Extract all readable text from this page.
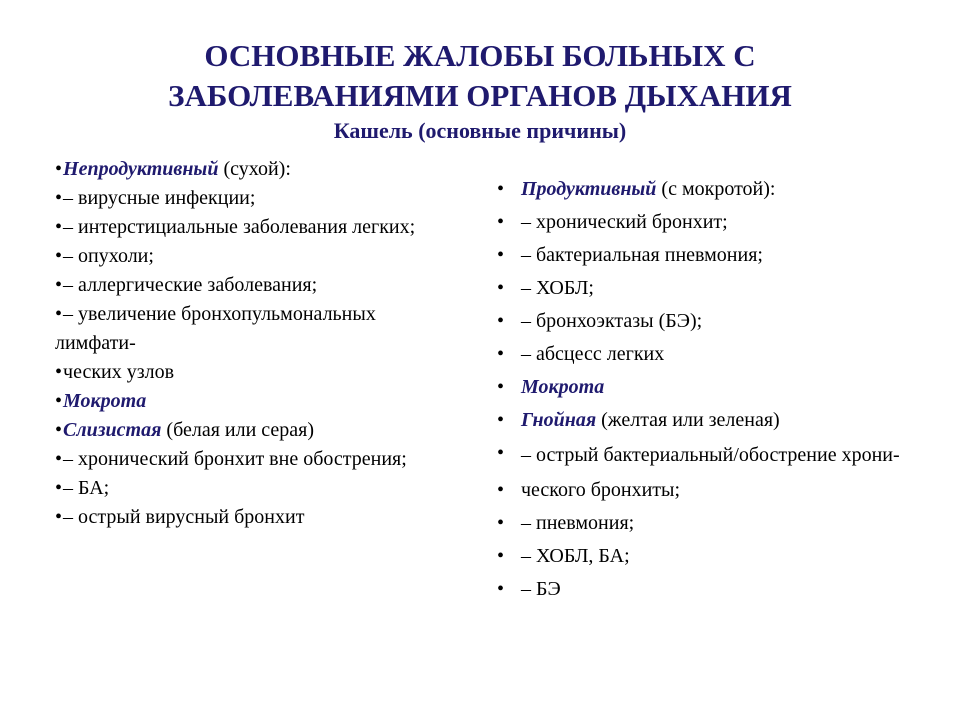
ОСНОВНЫЕ ЖАЛОБЫ БОЛЬНЫХ С
ЗАБОЛЕВАНИЯМИ ОРГАНОВ ДЫХАНИЯ
Кашель (основные причины)
•Непродуктивный (сухой):
•– вирусные инфекции;
•– интерстициальные заболевания легких;
•– опухоли;
•– аллергические заболевания;
•– увеличение бронхопульмональных лимфати-
•ческих узлов
•Мокрота
•Слизистая (белая или серая)
•– хронический бронхит вне обострения;
•– БА;
•– острый вирусный бронхит
• Продуктивный (с мокротой):
• – хронический бронхит;
• – бактериальная пневмония;
• – ХОБЛ;
• – бронхоэктазы (БЭ);
• – абсцесс легких
• Мокрота
• Гнойная (желтая или зеленая)
• – острый бактериальный/обострение хрони-
• ческого бронхиты;
• – пневмония;
• – ХОБЛ, БА;
• – БЭ
